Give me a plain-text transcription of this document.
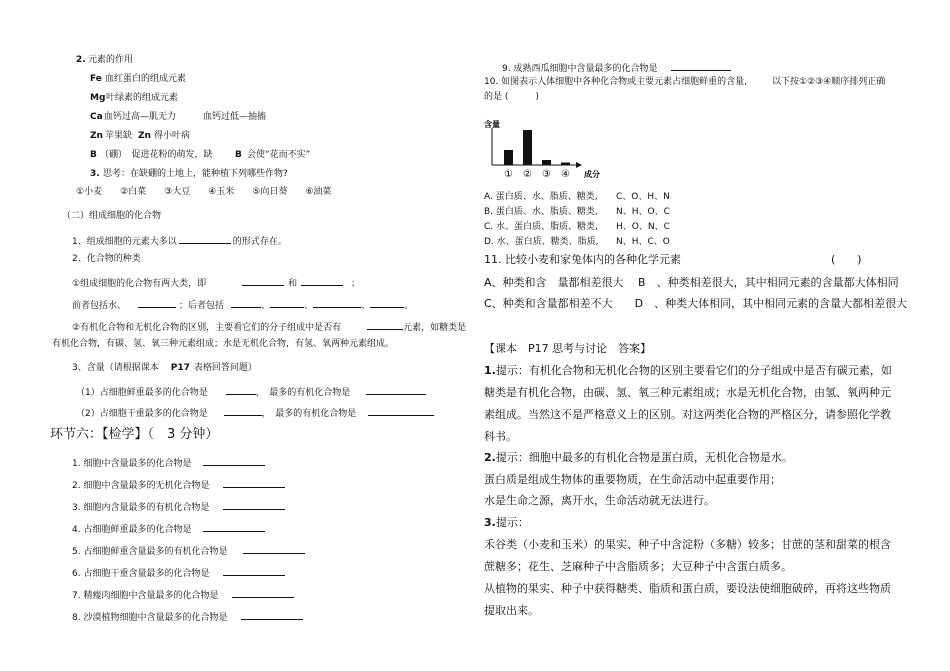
2. 元素的作用
Fe 血红蛋白的组成元素
Mg 叶绿素的组成元素
Ca 血钙过高—肌无力	血钙过低—抽搐
Zn 苹果缺 Zn 得小叶病
B （硼）　促进花粉的萌发，缺 B 会使“花而不实”
3. 思考：在缺硼的土地上，能种植下列哪些作物?
①小麦　　②白菜　　③大豆　　④玉米　　⑤向日葵　　⑥油菜
（二）组成细胞的化合物
1、组成细胞的元素大多以	的形式存在。
2、化合物的种类
①组成细胞的化合物有两大类，即	和	；
前者包括水、	；后者包括	、	、	、	。
②有机化合物和无机化合物的区别，主要看它们的分子组成中是否有	元素，如糖类是
有机化合物，有碳、氢、氧三种元素组成；水是无机化合物，有氢、氧两种元素组成。
3、含量（请根据课本 P17 表格回答问题）
（1）占细胞鲜重最多的化合物是	，　最多的有机化合物是
（2）占细胞干重最多的化合物是	，　最多的有机化合物是
环节六：【检学】（　3 分钟）
1. 细胞中含量最多的化合物是
2. 细胞中含量最多的无机化合物是
3. 细胞内含量最多的有机化合物是
4. 占细胞鲜重最多的化合物是
5. 占细胞鲜重含量最多的有机化合物是
6. 占细胞干重含量最多的化合物是
7. 精瘦肉细胞中含量最多的化合物是
8. 沙漠植物细胞中含量最多的化合物是
9. 成熟西瓜细胞中含量最多的化合物是
10. 如图表示人体细胞中各种化合物或主要元素占细胞鲜重的含量,	以下按①②③④顺序排列正确
的是 (　　　)
含量
成分
① ② ③ ④
A. 蛋白质、水、脂质、糖类, C、O、H、N
B. 蛋白质、水、脂质、糖类, N、H、O、C
C. 水、蛋白质、脂质、糖类, H、O、N、C
D. 水、蛋白质、糖类、脂质, N、H、C、O
11. 比较小麦和家兔体内的各种化学元素	(　　)
A、种类和含　量都相差很大　 B　、种类相差很大，其中相同元素的含量都大体相同
C、种类和含量都相差不大　　D　、种类大体相同，其中相同元素的含量大都相差很大
【课本　P17 思考与讨论　答案】
1.提示：有机化合物和无机化合物的区别主要看它们的分子组成中是否有碳元素，如
糖类是有机化合物，由碳、氢、氧三种元素组成；水是无机化合物，由氢、氧两种元
素组成。当然这不是严格意义上的区别。对这两类化合物的严格区分，请参照化学教
科书。
2.提示：细胞中最多的有机化合物是蛋白质，无机化合物是水。
蛋白质是组成生物体的重要物质，在生命活动中起重要作用；
水是生命之源，离开水，生命活动就无法进行。
3.提示：
禾谷类（小麦和玉米）的果实、种子中含淀粉（多糖）较多；甘蔗的茎和甜菜的根含
蔗糖多；花生、芝麻种子中含脂质多；大豆种子中含蛋白质多。
从植物的果实、种子中获得糖类、脂质和蛋白质，要设法使细胞破碎，再将这些物质
提取出来。
